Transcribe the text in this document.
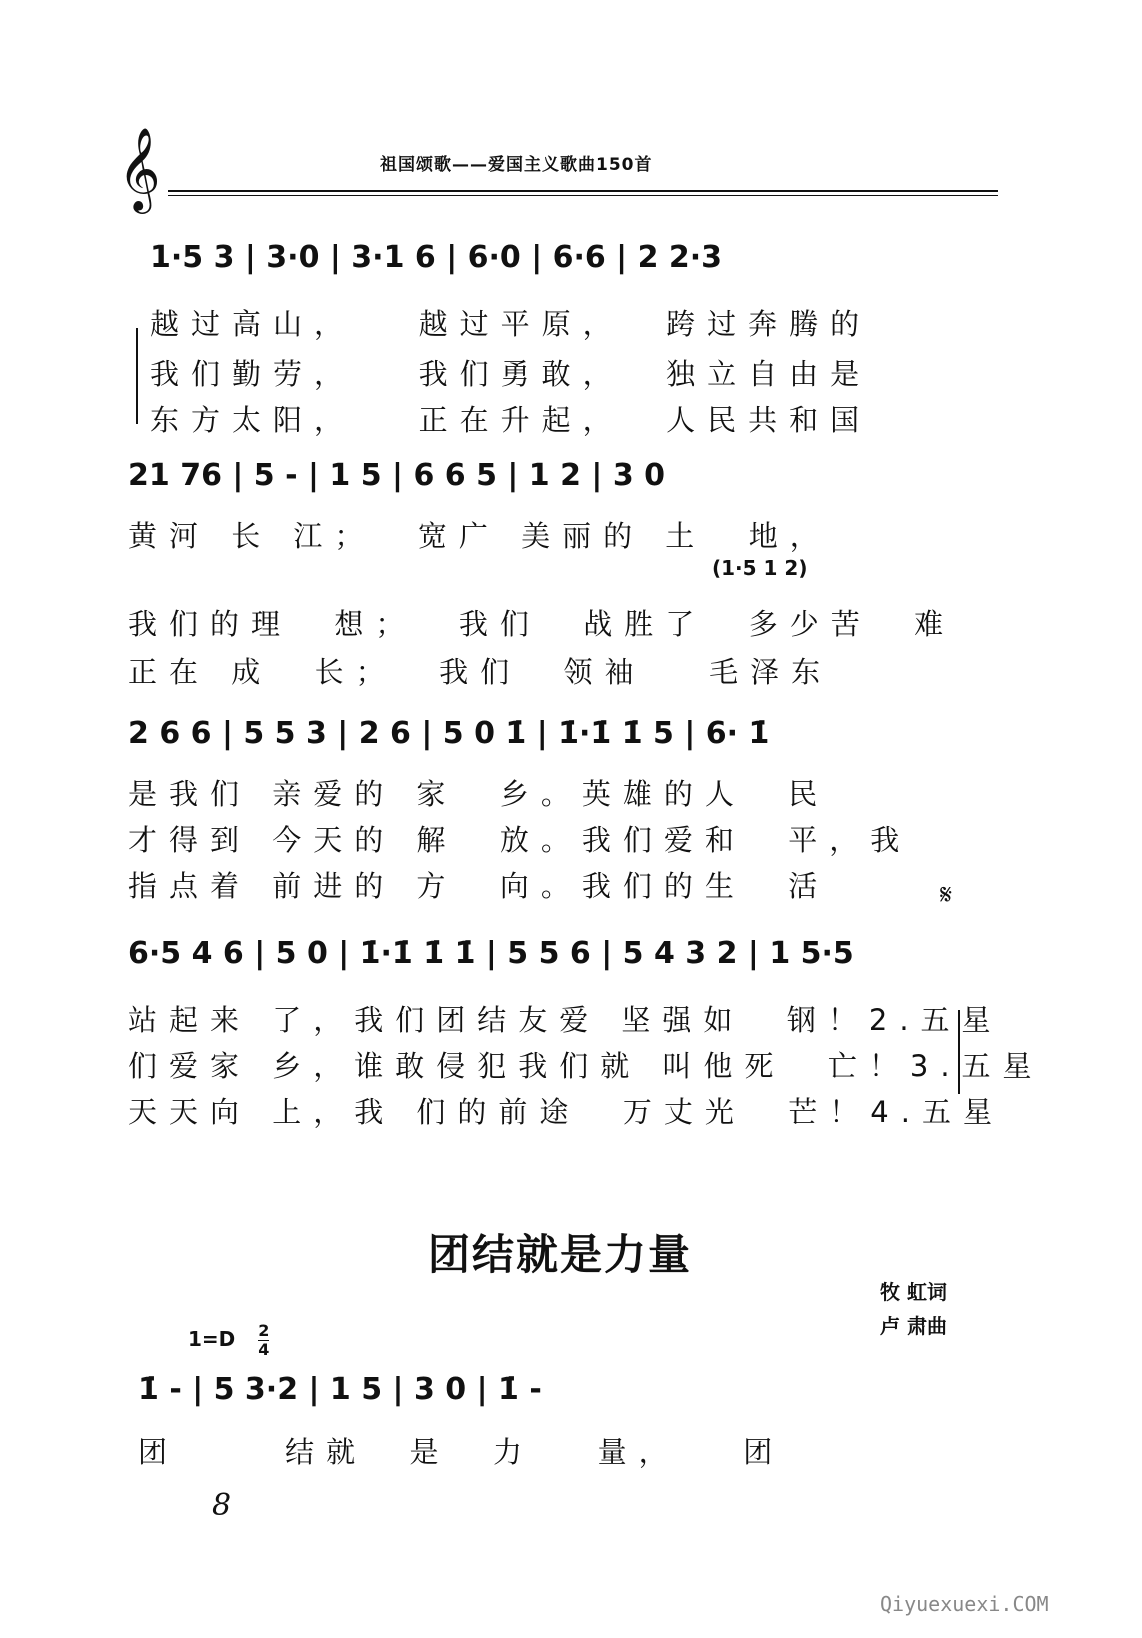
𝄞	祖国颂歌——爱国主义歌曲150首
1·5 3 | 3·0 | 3·1 6 | 6·0 | 6·6 | 2 2·3
越过高山，   越过平原，  跨过奔腾的
我们勤劳，   我们勇敢，  独立自由是
东方太阳，   正在升起，  人民共和国
21 76 | 5 - | 1 5 | 6 6 5 | 1 2 | 3 0
黄河 长 江；  宽广 美丽的 土  地，
(1·5 1 2)
我们的理  想；  我们  战胜了  多少苦  难
正在 成  长；  我们  领袖   毛泽东
2 6 6 | 5 5 3 | 2 6 | 5 0 1̇ | 1̇·1̇ 1̇ 5 | 6· 1̇
是我们 亲爱的 家  乡。英雄的人  民
才得到 今天的 解  放。我们爱和  平，我
指点着 前进的 方  向。我们的生  活	𝄋
6·5 4 6 | 5 0 | 1̇·1̇ 1̇ 1̇ | 5 5 6 | 5 4 3 2 | 1 5·5
站起来 了，我们团结友爱 坚强如  钢！2.五星
们爱家 乡，谁敢侵犯我们就 叫他死  亡！3.五星
天天向 上，我 们的前途  万丈光  芒！4.五星
团结就是力量
牧 虹词
卢 肃曲
$1=D \frac{2}{4}$
1̇ - | 5 3·2 | 1 5 | 3 0 | 1̇ -
团     结就  是  力   量，   团
8
Qiyuexuexi.COM
